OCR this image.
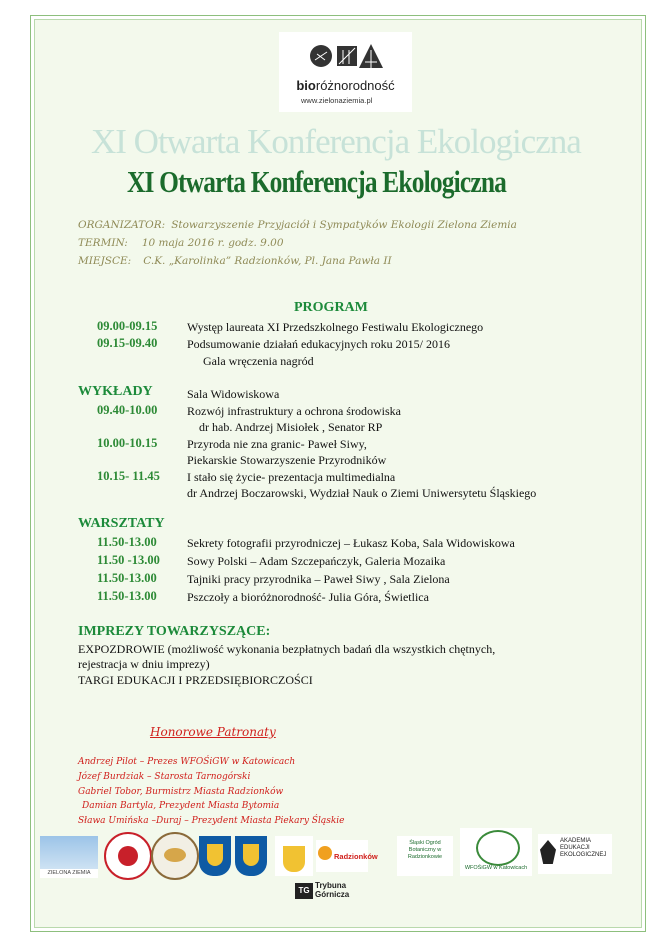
bioróżnorodność
www.zielonaziemia.pl
XI Otwarta Konferencja Ekologiczna
XI Otwarta Konferencja Ekologiczna
ORGANIZATOR: Stowarzyszenie Przyjaciół i Sympatyków Ekologii Zielona Ziemia
TERMIN: 10 maja 2016 r. godz. 9.00
MIEJSCE: C.K. „Karolinka” Radzionków, Pl. Jana Pawła II
PROGRAM
09.00-09.15 Występ laureata XI Przedszkolnego Festiwalu Ekologicznego
09.15-09.40 Podsumowanie działań edukacyjnych roku 2015/ 2016
Gala wręczenia nagród
WYKŁADY	Sala Widowiskowa
09.40-10.00 Rozwój infrastruktury a ochrona środowiska
dr hab. Andrzej Misiołek , Senator RP
10.00-10.15 Przyroda nie zna granic- Paweł Siwy,
Piekarskie Stowarzyszenie Przyrodników
10.15- 11.45 I stało się życie- prezentacja multimedialna
dr Andrzej Boczarowski, Wydział Nauk o Ziemi Uniwersytetu Śląskiego
WARSZTATY
11.50-13.00	Sekrety fotografii przyrodniczej – Łukasz Koba, Sala Widowiskowa
11.50 -13.00 Sowy Polski – Adam Szczepańczyk, Galeria Mozaika
11.50-13.00	Tajniki pracy przyrodnika – Paweł Siwy , Sala Zielona
11.50-13.00	Pszczoły a bioróżnorodność- Julia Góra, Świetlica
IMPREZY TOWARZYSZĄCE:
EXPOZDROWIE (możliwość wykonania bezpłatnych badań dla wszystkich chętnych,
rejestracja w dniu imprezy)
TARGI EDUKACJI I PRZEDSIĘBIORCZOŚCI
Honorowe Patronaty
Andrzej Pilot – Prezes WFOŚiGW w Katowicach
Józef Burdziak – Starosta Tarnogórski
Gabriel Tobor, Burmistrz Miasta Radzionków
Damian Bartyla, Prezydent Miasta Bytomia
Sława Umińska –Duraj – Prezydent Miasta Piekary Śląskie
ZIELONA ZIEMIA
Radzionków
Śląski Ogród Botaniczny w Radzionkowie
WFOŚiGW w Katowicach
AKADEMIA
EDUKACJI
EKOLOGICZNEJ
TG
Trybuna
Górnicza
